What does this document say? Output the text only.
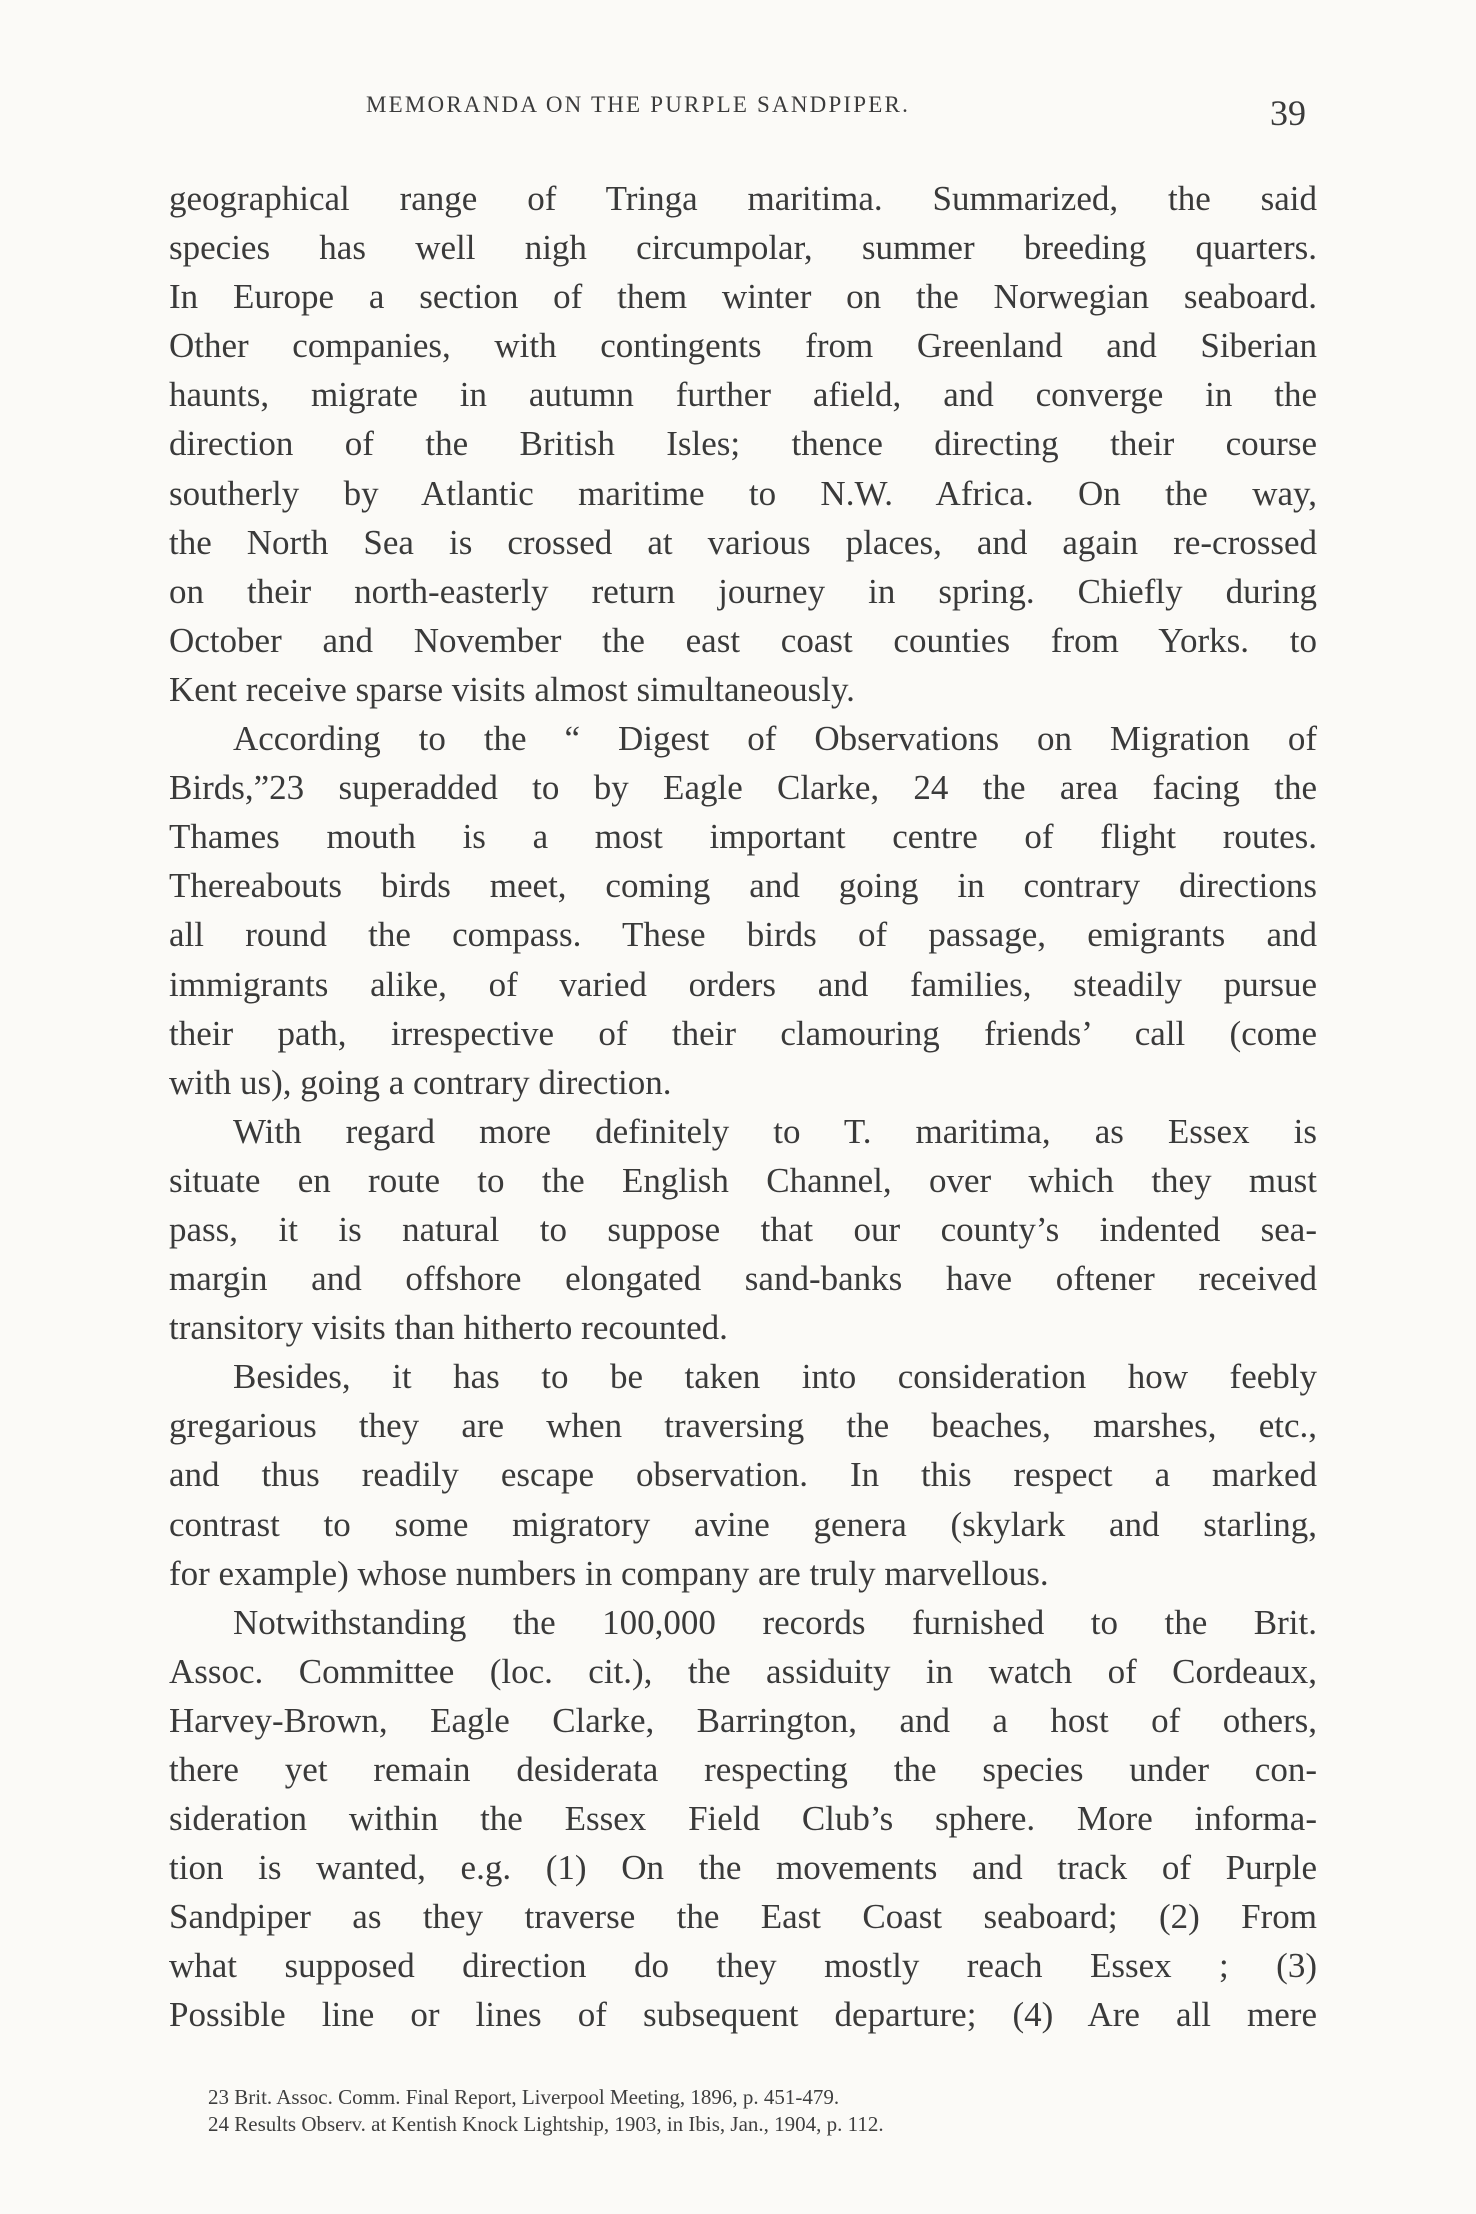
MEMORANDA ON THE PURPLE SANDPIPER.	39
geographical range of Tringa maritima. Summarized, the said
species has well nigh circumpolar, summer breeding quarters.
In Europe a section of them winter on the Norwegian seaboard.
Other companies, with contingents from Greenland and Siberian
haunts, migrate in autumn further afield, and converge in the
direction of the British Isles; thence directing their course
southerly by Atlantic maritime to N.W. Africa. On the way,
the North Sea is crossed at various places, and again re-crossed
on their north-easterly return journey in spring. Chiefly during
October and November the east coast counties from Yorks. to
Kent receive sparse visits almost simultaneously.
According to the “ Digest of Observations on Migration of
Birds,”23 superadded to by Eagle Clarke, 24 the area facing the
Thames mouth is a most important centre of flight routes.
Thereabouts birds meet, coming and going in contrary directions
all round the compass. These birds of passage, emigrants and
immigrants alike, of varied orders and families, steadily pursue
their path, irrespective of their clamouring friends’ call (come
with us), going a contrary direction.
With regard more definitely to T. maritima, as Essex is
situate en route to the English Channel, over which they must
pass, it is natural to suppose that our county’s indented sea-
margin and offshore elongated sand-banks have oftener received
transitory visits than hitherto recounted.
Besides, it has to be taken into consideration how feebly
gregarious they are when traversing the beaches, marshes, etc.,
and thus readily escape observation. In this respect a marked
contrast to some migratory avine genera (skylark and starling,
for example) whose numbers in company are truly marvellous.
Notwithstanding the 100,000 records furnished to the Brit.
Assoc. Committee (loc. cit.), the assiduity in watch of Cordeaux,
Harvey-Brown, Eagle Clarke, Barrington, and a host of others,
there yet remain desiderata respecting the species under con-
sideration within the Essex Field Club’s sphere. More informa-
tion is wanted, e.g. (1) On the movements and track of Purple
Sandpiper as they traverse the East Coast seaboard; (2) From
what supposed direction do they mostly reach Essex ; (3)
Possible line or lines of subsequent departure; (4) Are all mere
23 Brit. Assoc. Comm. Final Report, Liverpool Meeting, 1896, p. 451-479.
24 Results Observ. at Kentish Knock Lightship, 1903, in Ibis, Jan., 1904, p. 112.
